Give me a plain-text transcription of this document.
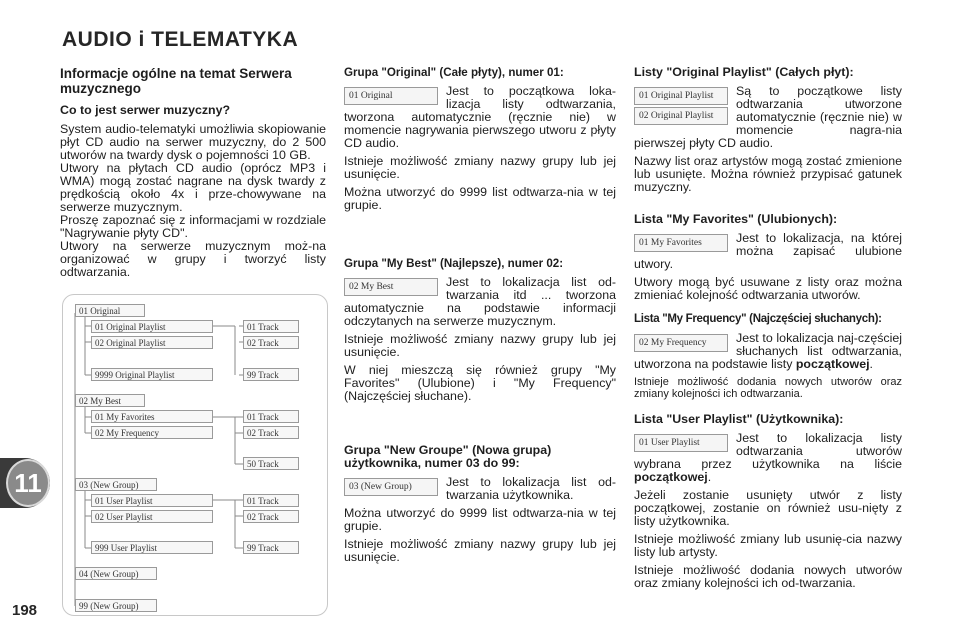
AUDIO i TELEMATYKA
11
198
Informacje ogólne na temat Serwera muzycznego
Co to jest serwer muzyczny?

System audio-telematyki umożliwia skopiowanie płyt CD audio na serwer muzyczny, do 2 500 utworów na twardy dysk o pojemności 10 GB.

Utwory na płytach CD audio (oprócz MP3 i WMA) mogą zostać nagrane na dysk twardy z prędkością około 4x i prze-chowywane na serwerze muzycznym.

Proszę zapoznać się z informacjami w rozdziale "Nagrywanie płyty CD".

Utwory na serwerze muzycznym moż-na organizować w grupy i tworzyć listy odtwarzania.

01 Original
01 Original Playlist
02 Original Playlist
9999 Original Playlist
01 Track
02 Track
99 Track
02 My Best
01 My Favorites
02 My Frequency
01 Track
02 Track
50 Track
03 (New Group)
01 User Playlist
02 User Playlist
999 User Playlist
01 Track
02 Track
99 Track
04 (New Group)
99 (New Group)
Grupa "Original" (Całe płyty), numer 01:
01 Original	Jest to początkowa loka-lizacja listy odtwarzania, tworzona automatycznie (ręcznie nie) w momencie nagrywania pierwszego utworu z płyty CD audio.

Istnieje możliwość zmiany nazwy grupy lub jej usunięcie.

Można utworzyć do 9999 list odtwarza-nia w tej grupie.

Grupa "My Best" (Najlepsze), numer 02:
02 My Best	Jest to lokalizacja list od-twarzania itd ... tworzona automatycznie na podstawie informacji odczytanych na serwerze muzycznym.

Istnieje możliwość zmiany nazwy grupy lub jej usunięcie.

W niej mieszczą się również grupy "My Favorites" (Ulubione) i "My Frequency" (Najczęściej słuchane).

Grupa "New Groupe" (Nowa grupa) użytkownika, numer 03 do 99:
03 (New Group)	Jest to lokalizacja list od-twarzania użytkownika.

Można utworzyć do 9999 list odtwarza-nia w tej grupie.

Istnieje możliwość zmiany nazwy grupy lub jej usunięcie.

Listy "Original Playlist" (Całych płyt):
01 Original Playlist
02 Original Playlist

Są to początkowe listy odtwarzania utworzone automatycznie (ręcznie nie) w momencie nagra-nia pierwszej płyty CD audio.

Nazwy list oraz artystów mogą zostać zmienione lub usunięte. Można również przypisać gatunek muzyczny.

Lista "My Favorites" (Ulubionych):
01 My Favorites	Jest to lokalizacja, na której można zapisać ulubione utwory.

Utwory mogą być usuwane z listy oraz można zmieniać kolejność odtwarzania utworów.

Lista "My Frequency" (Najczęściej słuchanych):
02 My Frequency	Jest to lokalizacja naj-częściej słuchanych list odtwarzania, utworzona na podstawie listy początkowej.

Istnieje możliwość dodania nowych utworów oraz zmiany kolejności ich odtwarzania.

Lista "User Playlist" (Użytkownika):
01 User Playlist	Jest to lokalizacja listy odtwarzania utworów wybrana przez użytkownika na liście początkowej.

Jeżeli zostanie usunięty utwór z listy początkowej, zostanie on również usu-nięty z listy użytkownika.

Istnieje możliwość zmiany lub usunię-cia nazwy listy lub artysty.

Istnieje możliwość dodania nowych utworów oraz zmiany kolejności ich od-twarzania.
